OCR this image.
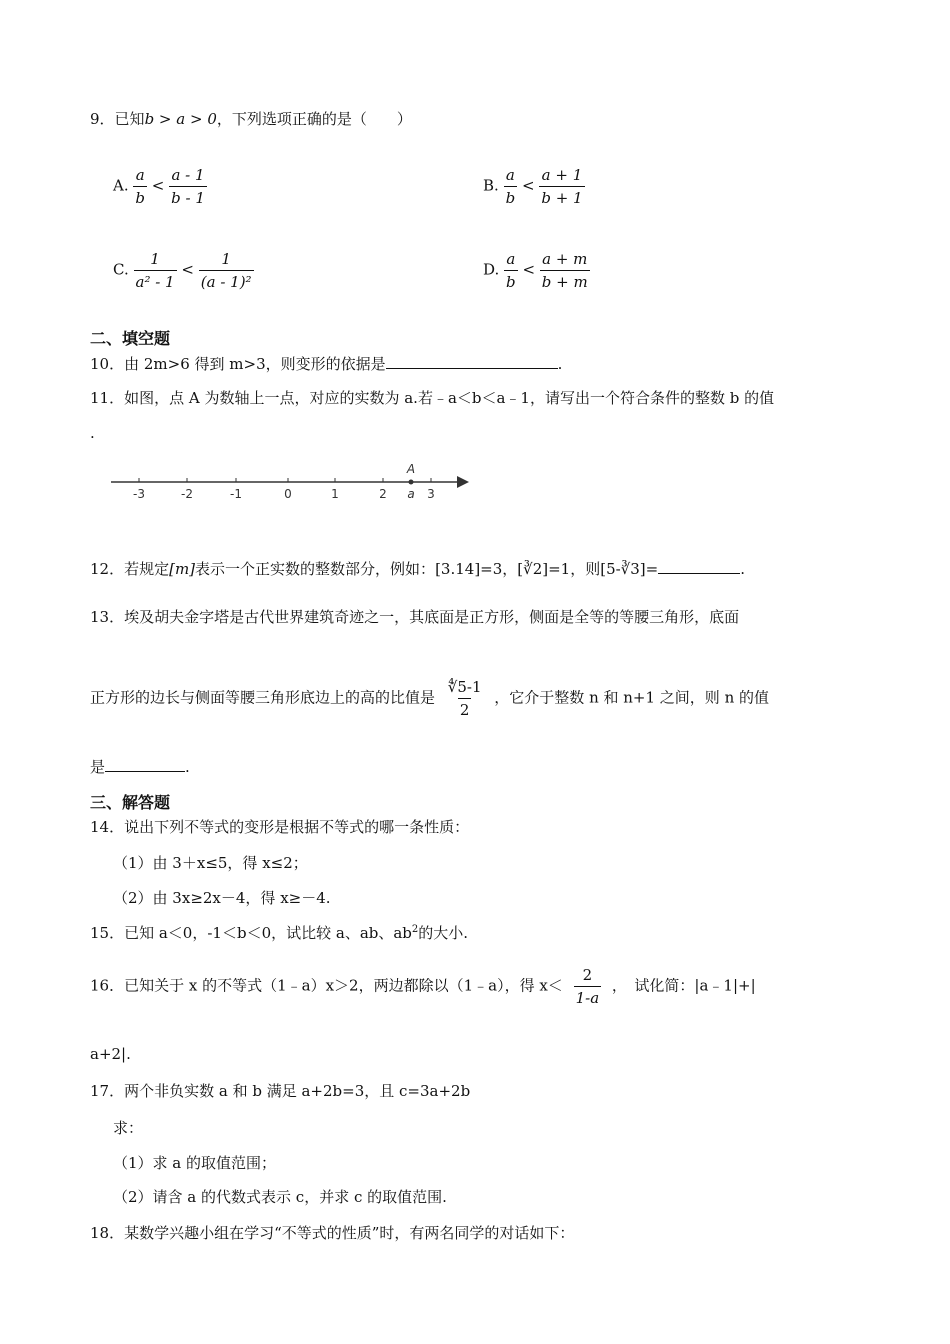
9．已知b > a > 0，下列选项正确的是（　　）
A. $\frac{a}{b} < \frac{a - 1}{b - 1}$	B. $\frac{a}{b} < \frac{a + 1}{b + 1}$
C. $\frac{1}{\text{a² - 1}} < \frac{1}{\text{(a - 1)²}}$	D. $\frac{a}{b} < \frac{a + m}{b + m}$
二、填空题
10．由 2m>6 得到 m>3，则变形的依据是	.
11．如图，点 A 为数轴上一点，对应的实数为 a.若﹣a＜b＜a﹣1，请写出一个符合条件的整数 b 的值
.
-3	-2	-1	0	1	2	3
A
a
12．若规定[m]表示一个正实数的整数部分，例如：[3.14]=3，[∛2]=1，则[5-∛3]=	.
13．埃及胡夫金字塔是古代世界建筑奇迹之一，其底面是正方形，侧面是全等的等腰三角形，底面
正方形的边长与侧面等腰三角形底边上的高的比值是 $\frac{∜5-1}{2}$ ，它介于整数 n 和 n+1 之间，则 n 的值
是	.
三、解答题
14．说出下列不等式的变形是根据不等式的哪一条性质：
（1）由 3＋x≤5，得 x≤2；
（2）由 3x≥2x－4，得 x≥－4.
15．已知 a＜0，-1＜b＜0，试比较 a、ab、$ab^2$的大小.
16．已知关于 x 的不等式（1﹣a）x＞2，两边都除以（1﹣a），得 $x< \frac{2}{1-a}$ ，　试化简：|a﹣1|+|
a+2|.
17．两个非负实数 a 和 b 满足 a+2b=3，且 c=3a+2b
求：
（1）求 a 的取值范围；
（2）请含 a 的代数式表示 c，并求 c 的取值范围.
18．某数学兴趣小组在学习“不等式的性质”时，有两名同学的对话如下：
